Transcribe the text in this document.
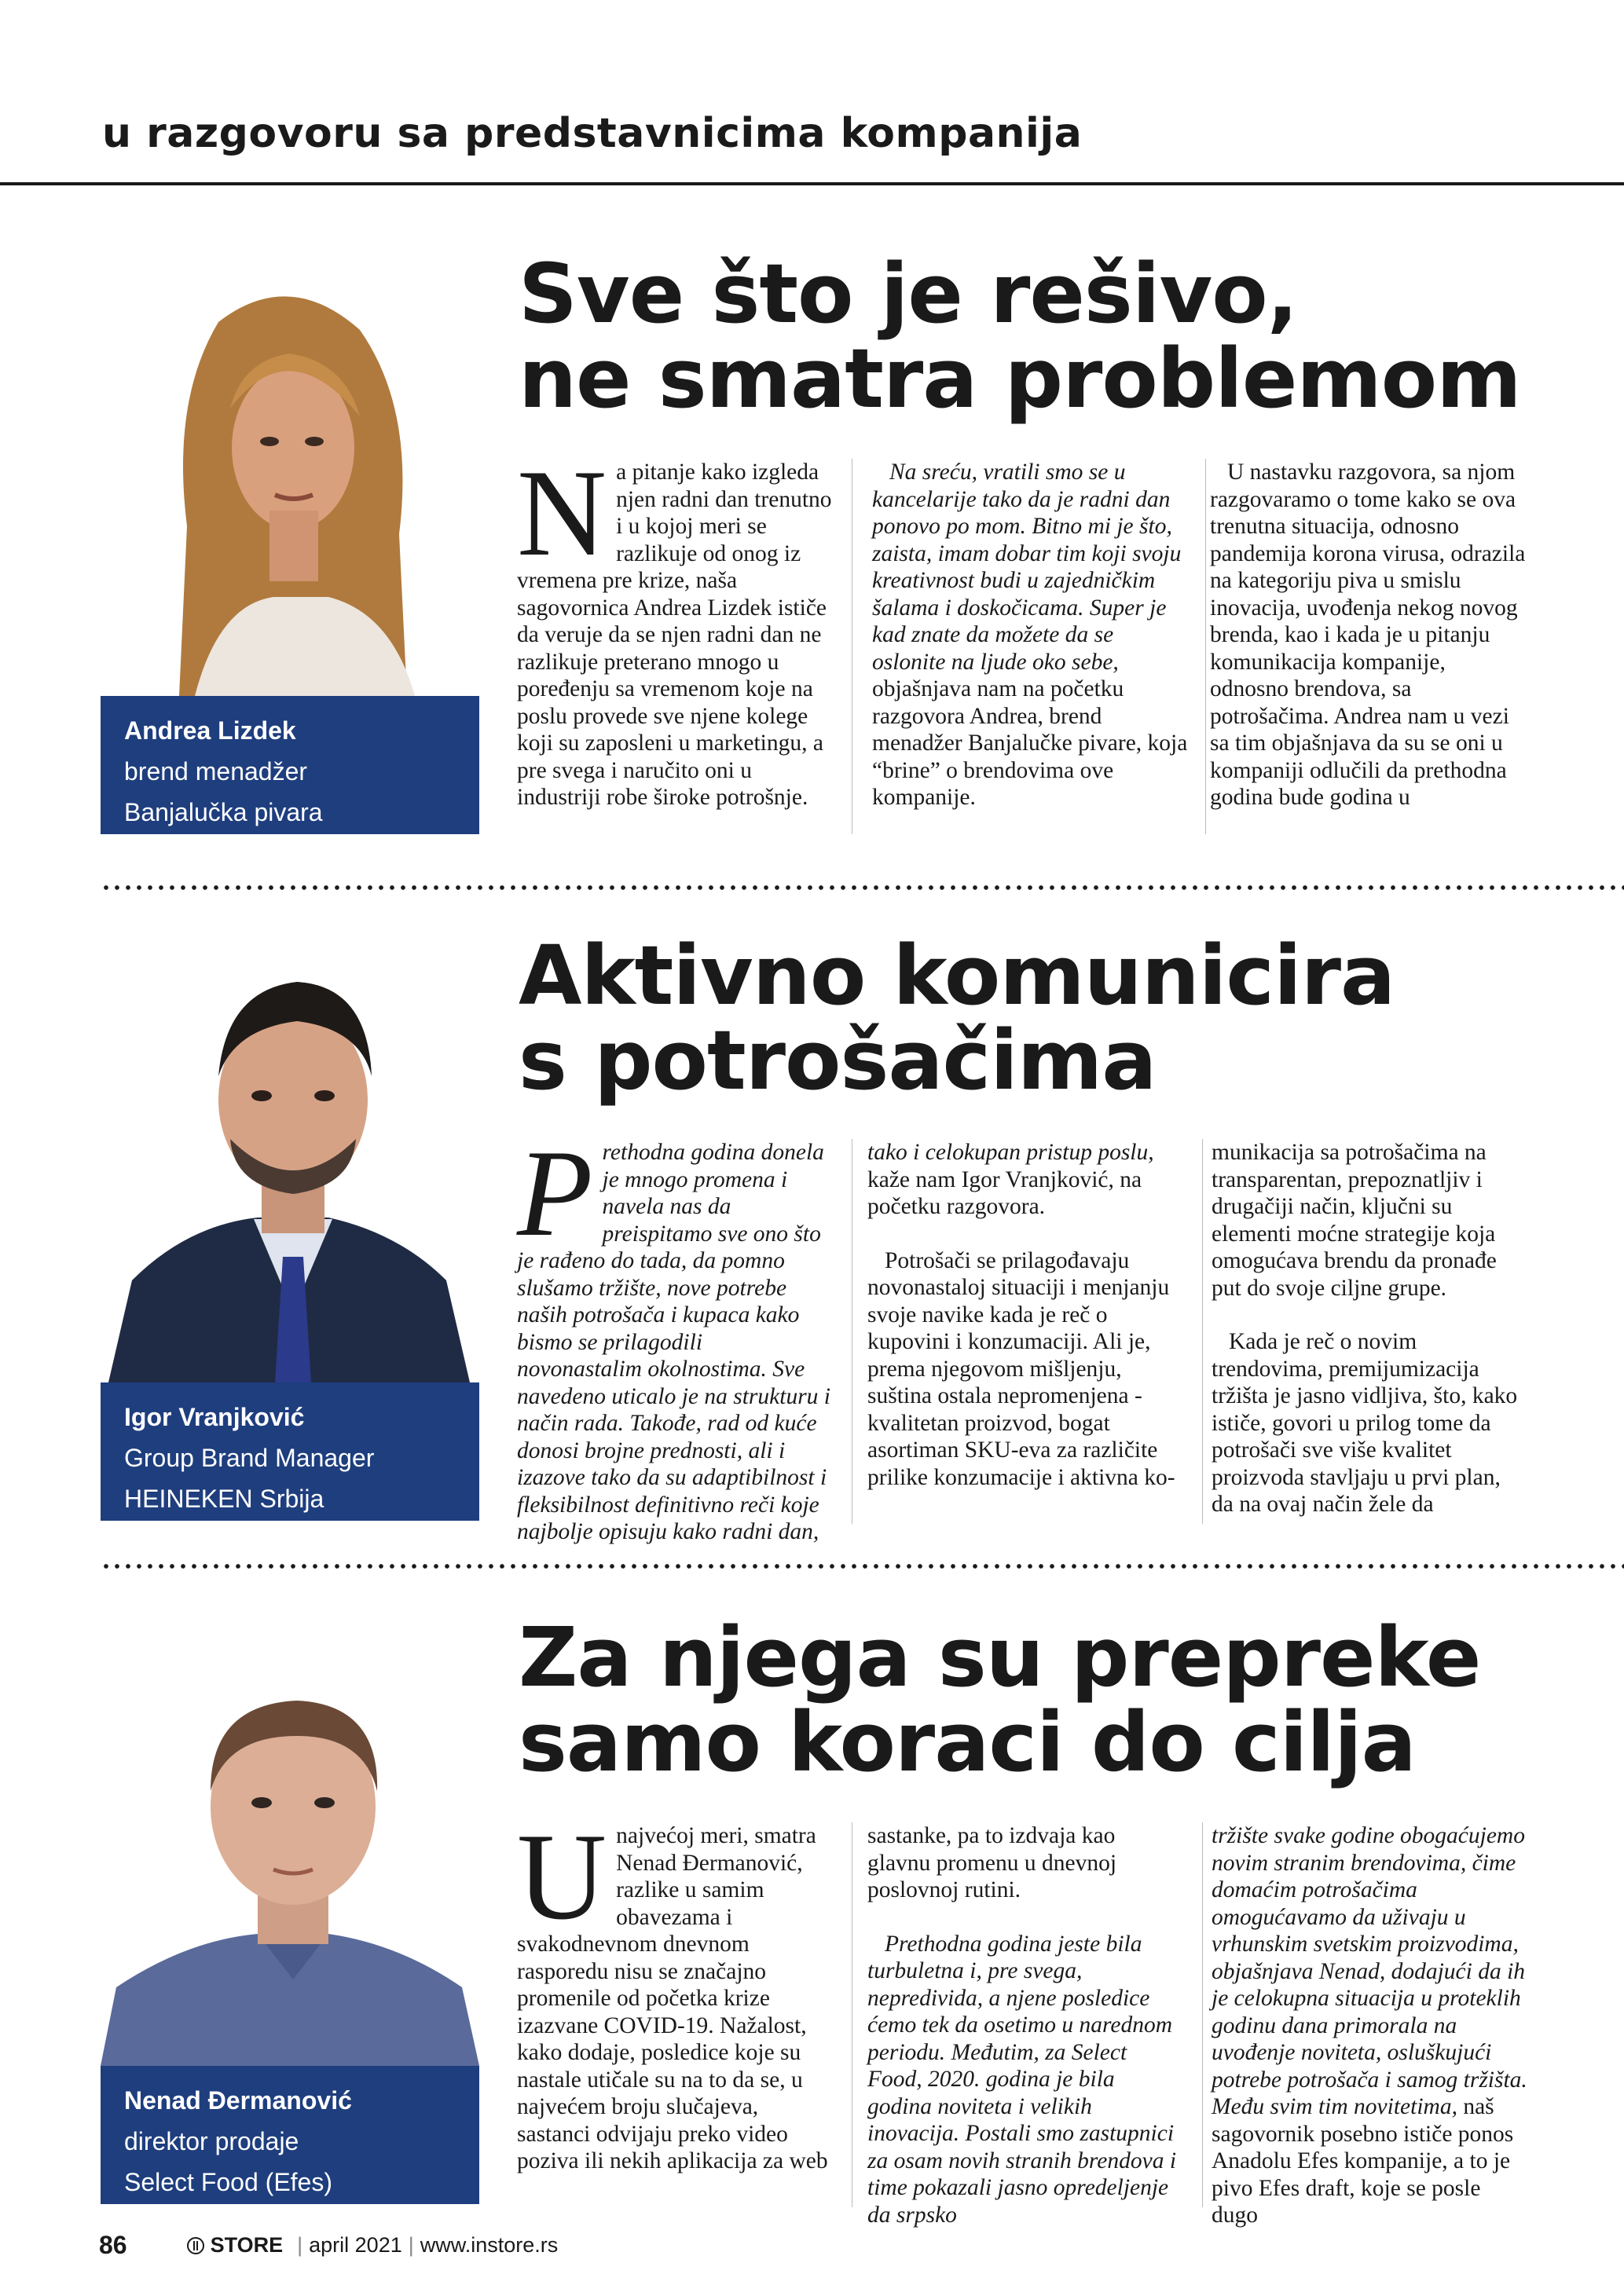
u razgovoru sa predstavnicima kompanija
Andrea Lizdek
brend menadžer
Banjalučka pivara
Sve što je rešivo,
ne smatra problemom
N a pitanje kako izgleda njen radni dan trenutno i u kojoj meri se razlikuje od onog iz vremena pre krize, naša sagovornica Andrea Lizdek ističe da veruje da se njen radni dan ne razlikuje preterano mnogo u poređenju sa vremenom koje na poslu provede sve njene kolege koji su zaposleni u marketingu, a pre svega i naručito oni u industriji robe široke potrošnje.

Na sreću, vratili smo se u kancelarije tako da je radni dan ponovo po mom. Bitno mi je što, zaista, imam dobar tim koji svoju kreativnost budi u zajedničkim šalama i doskočicama. Super je kad znate da možete da se oslonite na ljude oko sebe, objašnjava nam na početku razgovora Andrea, brend menadžer Banjalučke pivare, koja “brine” o brendovima ove kompanije.

U nastavku razgovora, sa njom razgovaramo o tome kako se ova trenutna situacija, odnosno pandemija korona virusa, odrazila na kategoriju piva u smislu inovacija, uvođenja nekog novog brenda, kao i kada je u pitanju komunikacija kompanije, odnosno brendova, sa potrošačima. Andrea nam u vezi sa tim objašnjava da su se oni u kompaniji odlučili da prethodna godina bude godina u

Igor Vranjković
Group Brand Manager
HEINEKEN Srbija
Aktivno komunicira
s potrošačima
P rethodna godina donela je mnogo promena i navela nas da preispitamo sve ono što je rađeno do tada, da pomno slušamo tržište, nove potrebe naših potrošača i kupaca kako bismo se prilagodili novonastalim okolnostima. Sve navedeno uticalo je na strukturu i način rada. Takođe, rad od kuće donosi brojne prednosti, ali i izazove tako da su adaptibilnost i fleksibilnost definitivno reči koje najbolje opisuju kako radni dan,

tako i celokupan pristup poslu, kaže nam Igor Vranjković, na početku razgovora.

Potrošači se prilagođavaju novonastaloj situaciji i menjanju svoje navike kada je reč o kupovini i konzumaciji. Ali je, prema njegovom mišljenju, suština ostala nepromenjena - kvalitetan proizvod, bogat asortiman SKU-eva za različite prilike konzumacije i aktivna ko-

munikacija sa potrošačima na transparentan, prepoznatljiv i drugačiji način, ključni su elementi moćne strategije koja omogućava brendu da pronađe put do svoje ciljne grupe.

Kada je reč o novim trendovima, premijumizacija tržišta je jasno vidljiva, što, kako ističe, govori u prilog tome da potrošači sve više kvalitet proizvoda stavljaju u prvi plan, da na ovaj način žele da

Nenad Đermanović
direktor prodaje
Select Food (Efes)
Za njega su prepreke
samo koraci do cilja
U najvećoj meri, smatra Nenad Đermanović, razlike u samim obavezama i svakodnevnom dnevnom rasporedu nisu se značajno promenile od početka krize izazvane COVID-19. Nažalost, kako dodaje, posledice koje su nastale utičale su na to da se, u najvećem broju slučajeva, sastanci odvijaju preko video poziva ili nekih aplikacija za web

sastanke, pa to izdvaja kao glavnu promenu u dnevnoj poslovnoj rutini.

Prethodna godina jeste bila turbuletna i, pre svega, nepredivida, a njene posledice ćemo tek da osetimo u narednom periodu. Međutim, za Select Food, 2020. godina je bila godina novitetа i velikih inovacija. Postali smo zastupnici za osam novih stranih brendova i time pokazali jasno opredeljenje da srpsko

tržište svake godine obogaćujemo novim stranim brendovima, čime domaćim potrošačima omogućavamo da uživaju u vrhunskim svetskim proizvodima, objašnjava Nenad, dodajući da ih je celokupna situacija u proteklih godinu dana primorala na uvođenje noviteta, osluškujući potrebe potrošača i samog tržišta. Među svim tim novitetima, naš sagovornik posebno ističe ponos Anadolu Efes kompanije, a to je pivo Efes draft, koje se posle dugo

86	STORE | april 2021 | www.instore.rs
